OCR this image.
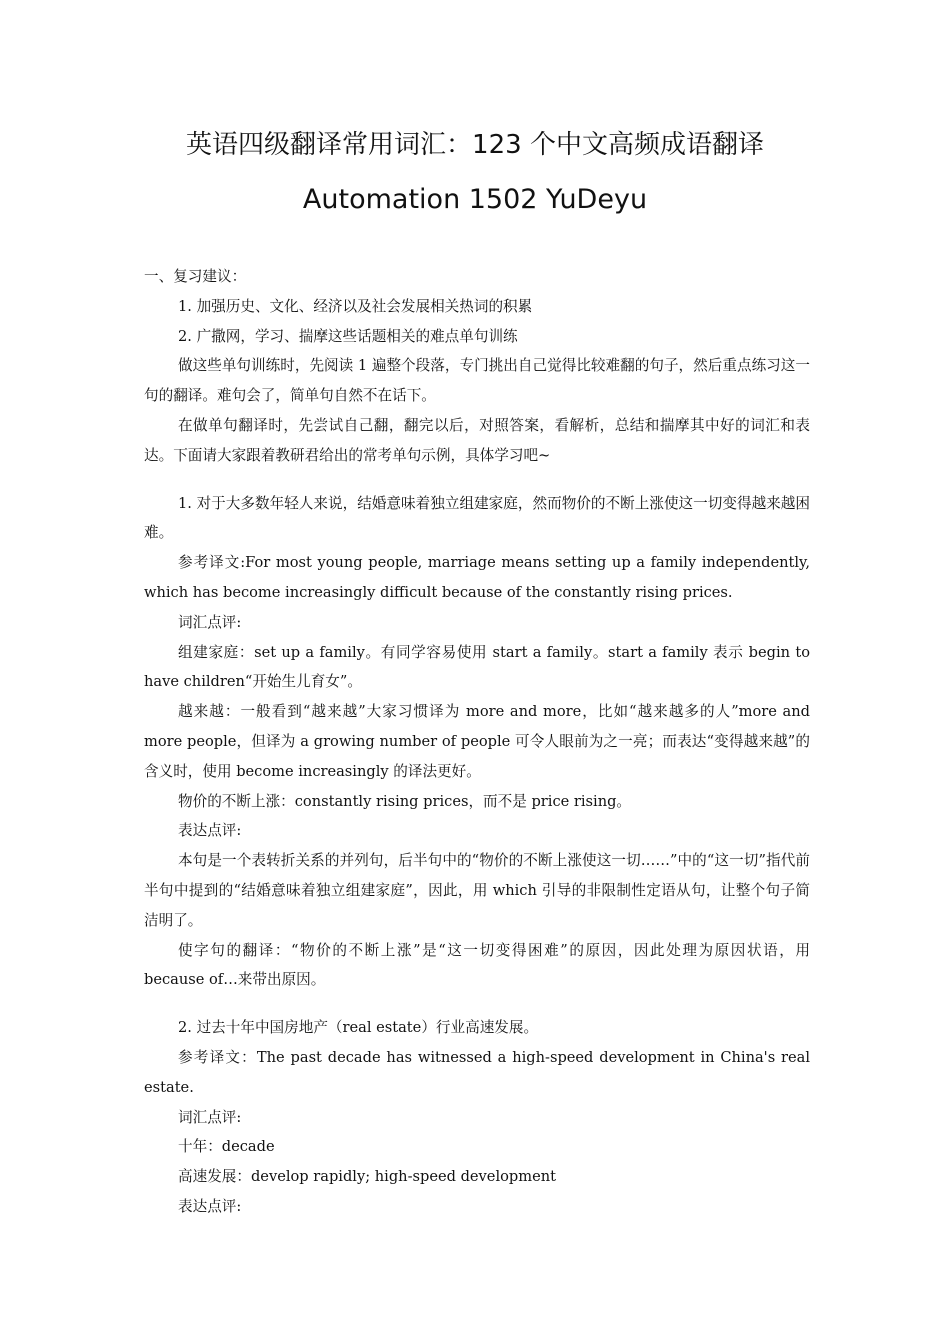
英语四级翻译常用词汇：123 个中文高频成语翻译
Automation 1502 YuDeyu

一、复习建议：

1. 加强历史、文化、经济以及社会发展相关热词的积累

2. 广撒网，学习、揣摩这些话题相关的难点单句训练

做这些单句训练时，先阅读 1 遍整个段落，专门挑出自己觉得比较难翻的句子，然后重点练习这一句的翻译。难句会了，简单句自然不在话下。

在做单句翻译时，先尝试自己翻，翻完以后，对照答案，看解析，总结和揣摩其中好的词汇和表达。下面请大家跟着教研君给出的常考单句示例，具体学习吧~

1. 对于大多数年轻人来说，结婚意味着独立组建家庭，然而物价的不断上涨使这一切变得越来越困难。

参考译文:For most young people, marriage means setting up a family independently, which has become increasingly difficult because of the constantly rising prices.

词汇点评:

组建家庭：set up a family。有同学容易使用 start a family。start a family 表示 begin to have children“开始生儿育女”。

越来越：一般看到“越来越”大家习惯译为 more and more，比如“越来越多的人”more and more people，但译为 a growing number of people 可令人眼前为之一亮；而表达“变得越来越”的含义时，使用 become increasingly 的译法更好。

物价的不断上涨：constantly rising prices，而不是 price rising。

表达点评:

本句是一个表转折关系的并列句，后半句中的“物价的不断上涨使这一切……”中的“这一切”指代前半句中提到的“结婚意味着独立组建家庭”，因此，用 which 引导的非限制性定语从句，让整个句子简洁明了。

使字句的翻译：“物价的不断上涨”是“这一切变得困难”的原因，因此处理为原因状语，用 because of…来带出原因。

2. 过去十年中国房地产（real estate）行业高速发展。

参考译文：The past decade has witnessed a high-speed development in China's real estate.

词汇点评:

十年：decade

高速发展：develop rapidly; high-speed development

表达点评:
